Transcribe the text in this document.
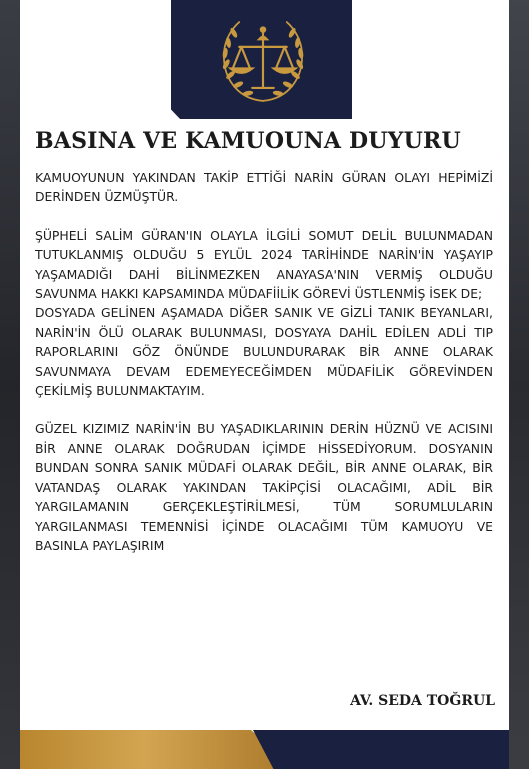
BASINA VE KAMUOUNA DUYURU

KAMUOYUNUN YAKINDAN TAKİP ETTİĞİ NARİN GÜRAN OLAYI HEPİMİZİ DERİNDEN ÜZMÜŞTÜR.

ŞÜPHELİ SALİM GÜRAN'IN OLAYLA İLGİLİ SOMUT DELİL BULUNMADAN TUTUKLANMIŞ OLDUĞU 5 EYLÜL 2024 TARİHİNDE NARİN'İN YAŞAYIP YAŞAMADIĞI DAHİ BİLİNMEZKEN ANAYASA'NIN VERMİŞ OLDUĞU SAVUNMA HAKKI KAPSAMINDA MÜDAFİİLİK GÖREVİ ÜSTLENMİŞ İSEK DE;

DOSYADA GELİNEN AŞAMADA DİĞER SANIK VE GİZLİ TANIK BEYANLARI, NARİN'İN ÖLÜ OLARAK BULUNMASI, DOSYAYA DAHİL EDİLEN ADLİ TIP RAPORLARINI GÖZ ÖNÜNDE BULUNDURARAK BİR ANNE OLARAK SAVUNMAYA DEVAM EDEMEYECEĞİMDEN MÜDAFİLİK GÖREVİNDEN ÇEKİLMİŞ BULUNMAKTAYIM.

GÜZEL KIZIMIZ NARİN'İN BU YAŞADIKLARININ DERİN HÜZNÜ VE ACISINI BİR ANNE OLARAK DOĞRUDAN İÇİMDE HİSSEDİYORUM. DOSYANIN BUNDAN SONRA SANIK MÜDAFİ OLARAK DEĞİL, BİR ANNE OLARAK, BİR VATANDAŞ OLARAK YAKINDAN TAKİPÇİSİ OLACAĞIMI, ADİL BİR YARGILAMANIN GERÇEKLEŞTİRİLMESİ, TÜM SORUMLULARIN YARGILANMASI TEMENNİSİ İÇİNDE OLACAĞIMI TÜM KAMUOYU VE BASINLA PAYLAŞIRIM

AV. SEDA TOĞRUL
